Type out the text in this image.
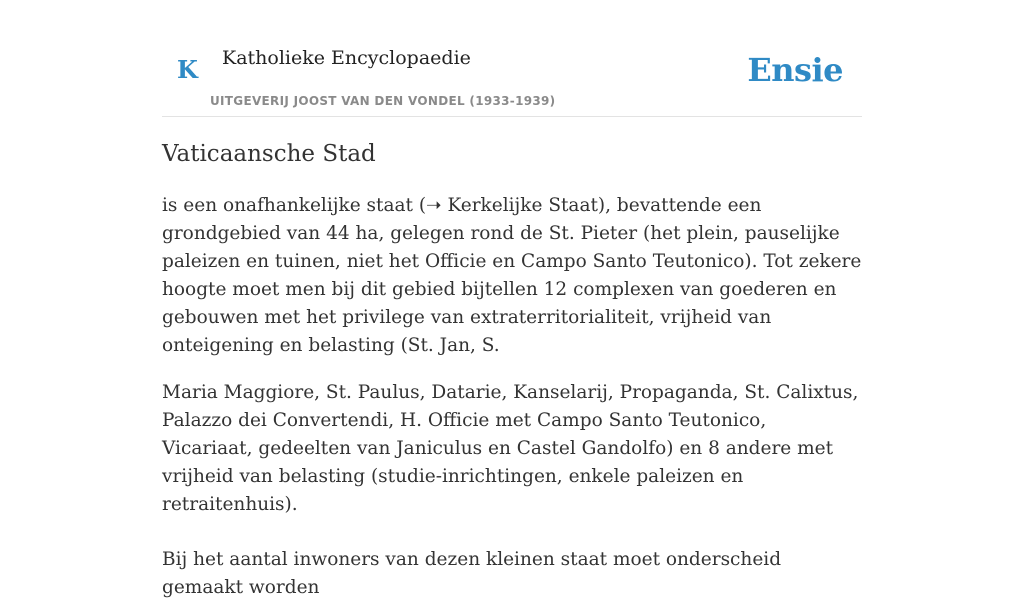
K Katholieke Encyclopaedie
UITGEVERIJ JOOST VAN DEN VONDEL (1933-1939)
Ensie
Vaticaansche Stad

is een onafhankelijke staat (➝ Kerkelijke Staat), bevattende een grondgebied van 44 ha, gelegen rond de St. Pieter (het plein, pauselijke paleizen en tuinen, niet het Officie en Campo Santo Teutonico). Tot zekere hoogte moet men bij dit gebied bijtellen 12 complexen van goederen en gebouwen met het privilege van extraterritorialiteit, vrijheid van onteigening en belasting (St. Jan, S.

Maria Maggiore, St. Paulus, Datarie, Kanselarij, Propaganda, St. Calixtus, Palazzo dei Convertendi, H. Officie met Campo Santo Teutonico, Vicariaat, gedeelten van Janiculus en Castel Gandolfo) en 8 andere met vrijheid van belasting (studie-inrichtingen, enkele paleizen en retraitenhuis).

Bij het aantal inwoners van dezen kleinen staat moet onderscheid gemaakt worden
